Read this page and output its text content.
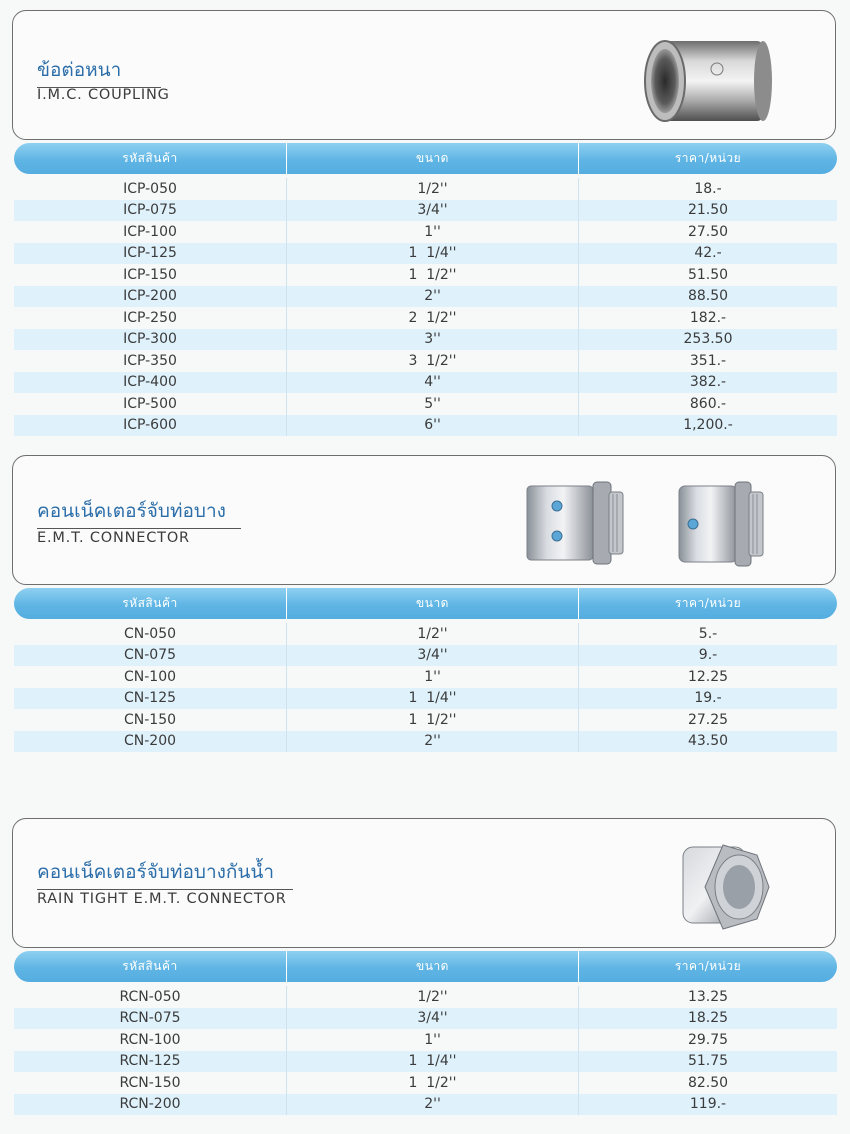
ข้อต่อหนา
I.M.C. COUPLING
รหัสสินค้า	ขนาด	ราคา/หน่วย
ICP-050	1/2''	18.-
ICP-075	3/4''	21.50
ICP-100	1''	27.50
ICP-125	1  1/4''	42.-
ICP-150	1  1/2''	51.50
ICP-200	2''	88.50
ICP-250	2  1/2''	182.-
ICP-300	3''	253.50
ICP-350	3  1/2''	351.-
ICP-400	4''	382.-
ICP-500	5''	860.-
ICP-600	6''	1,200.-
คอนเน็คเตอร์จับท่อบาง
E.M.T. CONNECTOR
รหัสสินค้า	ขนาด	ราคา/หน่วย
CN-050	1/2''	5.-
CN-075	3/4''	9.-
CN-100	1''	12.25
CN-125	1  1/4''	19.-
CN-150	1  1/2''	27.25
CN-200	2''	43.50
คอนเน็คเตอร์จับท่อบางกันน้ำ
RAIN TIGHT E.M.T. CONNECTOR
รหัสสินค้า	ขนาด	ราคา/หน่วย
RCN-050	1/2''	13.25
RCN-075	3/4''	18.25
RCN-100	1''	29.75
RCN-125	1  1/4''	51.75
RCN-150	1  1/2''	82.50
RCN-200	2''	119.-
